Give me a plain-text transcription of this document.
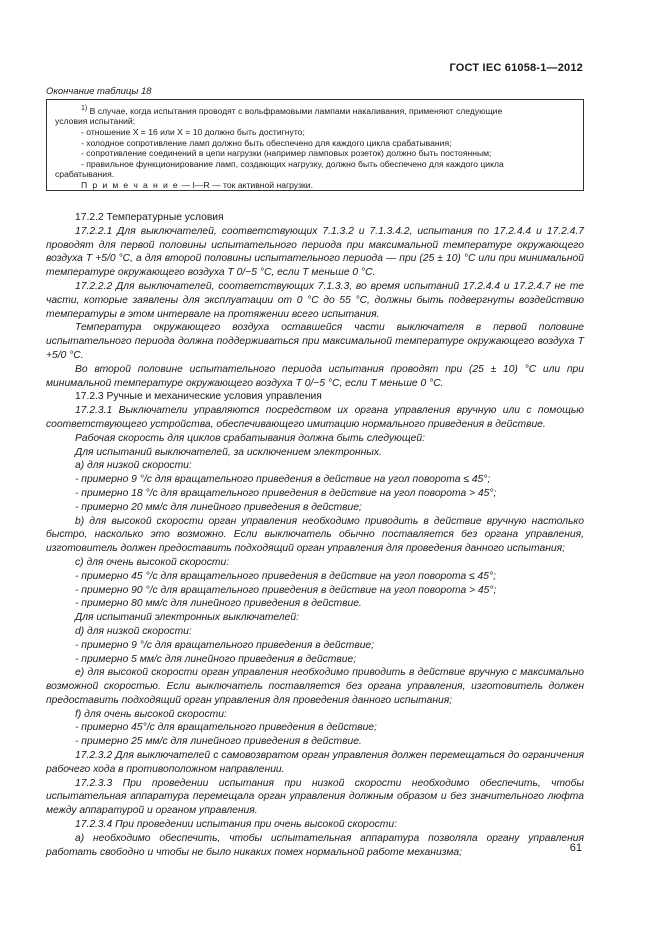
ГОСТ IEC 61058-1—2012
Окончание таблицы 18

$^{1)}$ В случае, когда испытания проводят с вольфрамовыми лампами накаливания, применяют следующие

условия испытаний:

- отношение X = 16 или X = 10 должно быть достигнуто;

- холодное сопротивление ламп должно быть обеспечено для каждого цикла срабатывания;

- сопротивление соединений в цепи нагрузки (например ламповых розеток) должно быть постоянным;

- правильное функционирование ламп, создающих нагрузку, должно быть обеспечено для каждого цикла

срабатывания.

П р и м е ч а н и е — I—R — ток активной нагрузки.

17.2.2 Температурные условия

17.2.2.1 Для выключателей, соответствующих 7.1.3.2 и 7.1.3.4.2, испытания по 17.2.4.4 и 17.2.4.7 проводят для первой половины испытательного периода при максимальной температуре окружающего воздуха T +5/0 °C, а для второй половины испытательного периода — при (25 ± 10) °C или при минимальной температуре окружающего воздуха T 0/−5 °C, если T меньше 0 °C.

17.2.2.2 Для выключателей, соответствующих 7.1.3.3, во время испытаний 17.2.4.4 и 17.2.4.7 не те части, которые заявлены для эксплуатации от 0 °C до 55 °C, должны быть подвергнуты воздействию температуры в этом интервале на протяжении всего испытания.

Температура окружающего воздуха оставшейся части выключателя в первой половине испытательного периода должна поддерживаться при максимальной температуре окружающего воздуха T +5/0 °C.

Во второй половине испытательного периода испытания проводят при (25 ± 10) °C или при минимальной температуре окружающего воздуха T 0/−5 °C, если T меньше 0 °C.

17.2.3 Ручные и механические условия управления

17.2.3.1 Выключатели управляются посредством их органа управления вручную или с помощью соответствующего устройства, обеспечивающего имитацию нормального приведения в действие.

Рабочая скорость для циклов срабатывания должна быть следующей:

Для испытаний выключателей, за исключением электронных.

a) для низкой скорости:

- примерно 9 °/с для вращательного приведения в действие на угол поворота ≤ 45°;

- примерно 18 °/с для вращательного приведения в действие на угол поворота > 45°;

- примерно 20 мм/с для линейного приведения в действие;

b) для высокой скорости орган управления необходимо приводить в действие вручную настолько быстро, насколько это возможно. Если выключатель обычно поставляется без органа управления, изготовитель должен предоставить подходящий орган управления для проведения данного испытания;

c) для очень высокой скорости:

- примерно 45 °/с для вращательного приведения в действие на угол поворота ≤ 45°;

- примерно 90 °/с для вращательного приведения в действие на угол поворота > 45°;

- примерно 80 мм/с для линейного приведения в действие.

Для испытаний электронных выключателей:

d) для низкой скорости:

- примерно 9 °/с для вращательного приведения в действие;

- примерно 5 мм/с для линейного приведения в действие;

e) для высокой скорости орган управления необходимо приводить в действие вручную с максимально возможной скоростью. Если выключатель поставляется без органа управления, изготовитель должен предоставить подходящий орган управления для проведения данного испытания;

f) для очень высокой скорости:

- примерно 45°/с для вращательного приведения в действие;

- примерно 25 мм/с для линейного приведения в действие.

17.2.3.2 Для выключателей с самовозвратом орган управления должен перемещаться до ограничения рабочего хода в противоположном направлении.

17.2.3.3 При проведении испытания при низкой скорости необходимо обеспечить, чтобы испытательная аппаратура перемещала орган управления должным образом и без значительного люфта между аппаратурой и органом управления.

17.2.3.4 При проведении испытания при очень высокой скорости:

a) необходимо обеспечить, чтобы испытательная аппаратура позволяла органу управления работать свободно и чтобы не было никаких помех нормальной работе механизма;	61
